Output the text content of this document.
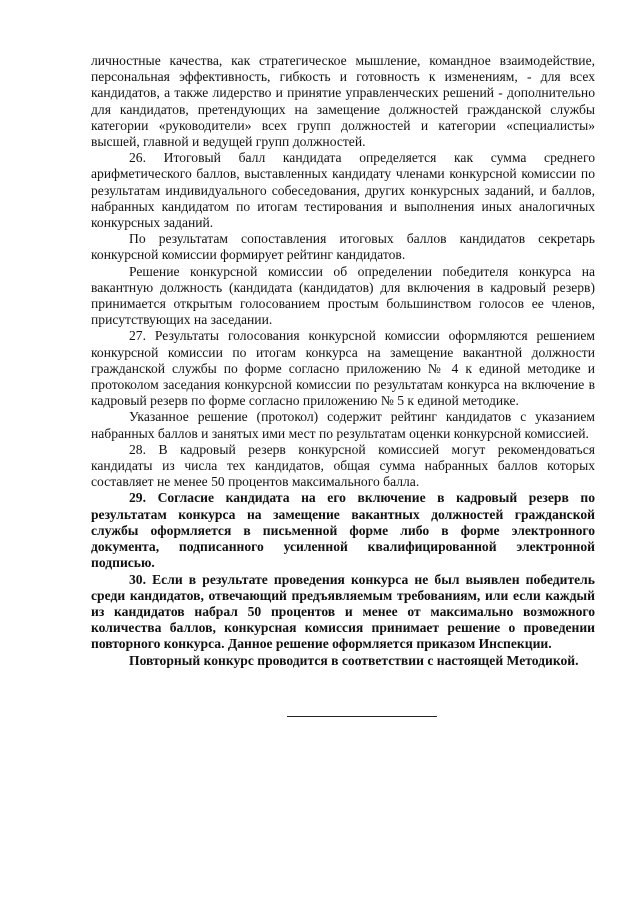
личностные качества, как стратегическое мышление, командное взаимодействие, персональная эффективность, гибкость и готовность к изменениям, - для всех кандидатов, а также лидерство и принятие управленческих решений - дополнительно для кандидатов, претендующих на замещение должностей гражданской службы категории «руководители» всех групп должностей и категории «специалисты» высшей, главной и ведущей групп должностей.

26. Итоговый балл кандидата определяется как сумма среднего арифметического баллов, выставленных кандидату членами конкурсной комиссии по результатам индивидуального собеседования, других конкурсных заданий, и баллов, набранных кандидатом по итогам тестирования и выполнения иных аналогичных конкурсных заданий.

По результатам сопоставления итоговых баллов кандидатов секретарь конкурсной комиссии формирует рейтинг кандидатов.

Решение конкурсной комиссии об определении победителя конкурса на вакантную должность (кандидата (кандидатов) для включения в кадровый резерв) принимается открытым голосованием простым большинством голосов ее членов, присутствующих на заседании.

27. Результаты голосования конкурсной комиссии оформляются решением конкурсной комиссии по итогам конкурса на замещение вакантной должности гражданской службы по форме согласно приложению № 4 к единой методике и протоколом заседания конкурсной комиссии по результатам конкурса на включение в кадровый резерв по форме согласно приложению № 5 к единой методике.

Указанное решение (протокол) содержит рейтинг кандидатов с указанием набранных баллов и занятых ими мест по результатам оценки конкурсной комиссией.

28. В кадровый резерв конкурсной комиссией могут рекомендоваться кандидаты из числа тех кандидатов, общая сумма набранных баллов которых составляет не менее 50 процентов максимального балла.

29. Согласие кандидата на его включение в кадровый резерв по результатам конкурса на замещение вакантных должностей гражданской службы оформляется в письменной форме либо в форме электронного документа, подписанного усиленной квалифицированной электронной подписью.

30. Если в результате проведения конкурса не был выявлен победитель среди кандидатов, отвечающий предъявляемым требованиям, или если каждый из кандидатов набрал 50 процентов и менее от максимально возможного количества баллов, конкурсная комиссия принимает решение о проведении повторного конкурса. Данное решение оформляется приказом Инспекции.

Повторный конкурс проводится в соответствии с настоящей Методикой.
